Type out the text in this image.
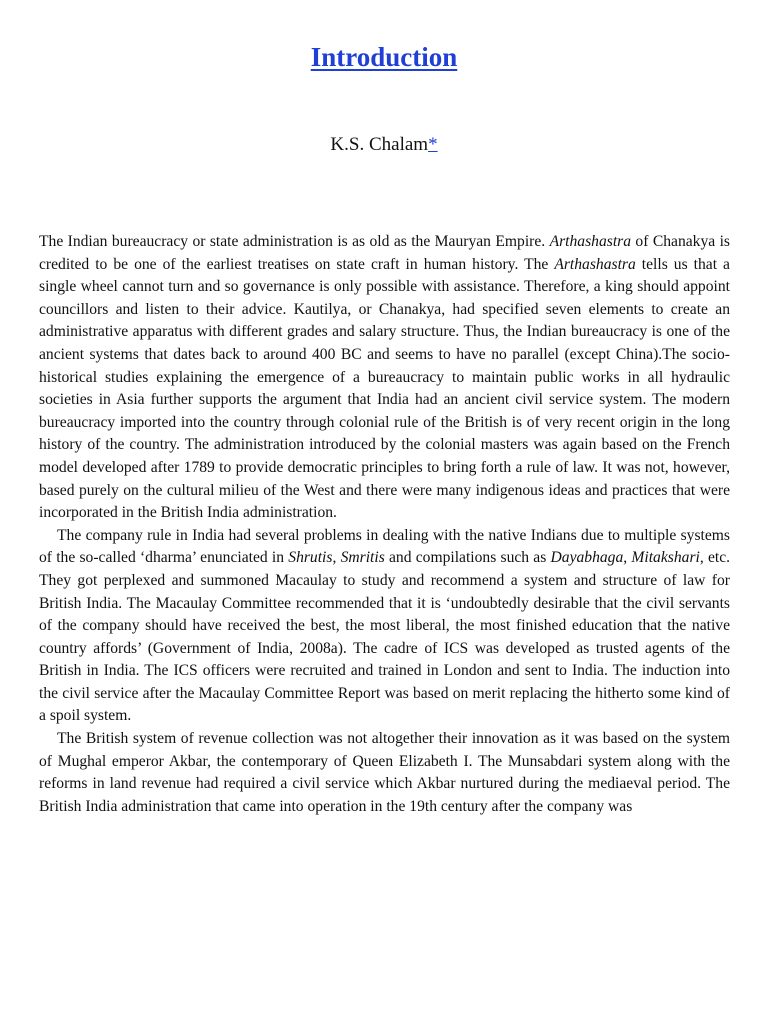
Introduction
K.S. Chalam*

The Indian bureaucracy or state administration is as old as the Mauryan Empire. Arthashastra of Chanakya is credited to be one of the earliest treatises on state craft in human history. The Arthashastra tells us that a single wheel cannot turn and so governance is only possible with assistance. Therefore, a king should appoint councillors and listen to their advice. Kautilya, or Chanakya, had specified seven elements to create an administrative apparatus with different grades and salary structure. Thus, the Indian bureaucracy is one of the ancient systems that dates back to around 400 BC and seems to have no parallel (except China).The socio-historical studies explaining the emergence of a bureaucracy to maintain public works in all hydraulic societies in Asia further supports the argument that India had an ancient civil service system. The modern bureaucracy imported into the country through colonial rule of the British is of very recent origin in the long history of the country. The administration introduced by the colonial masters was again based on the French model developed after 1789 to provide democratic principles to bring forth a rule of law. It was not, however, based purely on the cultural milieu of the West and there were many indigenous ideas and practices that were incorporated in the British India administration.

The company rule in India had several problems in dealing with the native Indians due to multiple systems of the so-called ‘dharma’ enunciated in Shrutis, Smritis and compilations such as Dayabhaga, Mitakshari, etc. They got perplexed and summoned Macaulay to study and recommend a system and structure of law for British India. The Macaulay Committee recommended that it is ‘undoubtedly desirable that the civil servants of the company should have received the best, the most liberal, the most finished education that the native country affords’ (Government of India, 2008a). The cadre of ICS was developed as trusted agents of the British in India. The ICS officers were recruited and trained in London and sent to India. The induction into the civil service after the Macaulay Committee Report was based on merit replacing the hitherto some kind of a spoil system.

The British system of revenue collection was not altogether their innovation as it was based on the system of Mughal emperor Akbar, the contemporary of Queen Elizabeth I. The Munsabdari system along with the reforms in land revenue had required a civil service which Akbar nurtured during the mediaeval period. The British India administration that came into operation in the 19th century after the company was
